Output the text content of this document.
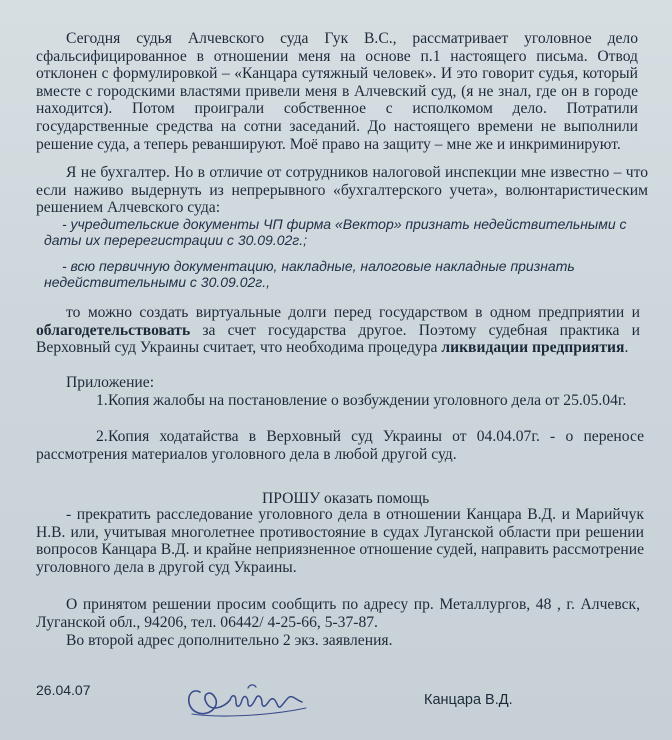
Сегодня судья Алчевского суда Гук В.С., рассматривает уголовное дело сфальсифицированное в отношении меня на основе п.1 настоящего письма. Отвод отклонен с формулировкой – «Канцара сутяжный человек». И это говорит судья, который вместе с городскими властями привели меня в Алчевский суд, (я не знал, где он в городе находится). Потом проиграли собственное с исполкомом дело. Потратили государственные средства на сотни заседаний. До настоящего времени не выполнили решение суда, а теперь реваншируют. Моё право на защиту – мне же и инкриминируют.

Я не бухгалтер. Но в отличие от сотрудников налоговой инспекции мне известно – что если наживо выдернуть из непрерывного «бухгалтерского учета», волюнтаристическим решением Алчевского суда:

- учредительские документы ЧП фирма «Вектор» признать недействительными с даты их перерегистрации с 30.09.02г.;

- всю первичную документацию, накладные, налоговые накладные признать недействительными с 30.09.02г.,

то можно создать виртуальные долги перед государством в одном предприятии и облагодетельствовать за счет государства другое. Поэтому судебная практика и Верховный суд Украины считает, что необходима процедура ликвидации предприятия.

Приложение:

1.Копия жалобы на постановление о возбуждении уголовного дела от 25.05.04г.

2.Копия ходатайства в Верховный суд Украины от 04.04.07г. - о переносе рассмотрения материалов уголовного дела в любой другой суд.

ПРОШУ оказать помощь

- прекратить расследование уголовного дела в отношении Канцара В.Д. и Марийчук Н.В. или, учитывая многолетнее противостояние в судах Луганской области при решении вопросов Канцара В.Д. и крайне неприязненное отношение судей, направить рассмотрение уголовного дела в другой суд Украины.

О принятом решении просим сообщить по адресу пр. Металлургов, 48 , г. Алчевск, Луганской обл., 94206, тел. 06442/ 4-25-66, 5-37-87.

Во второй адрес дополнительно 2 экз. заявления.

26.04.07

Канцара В.Д.
